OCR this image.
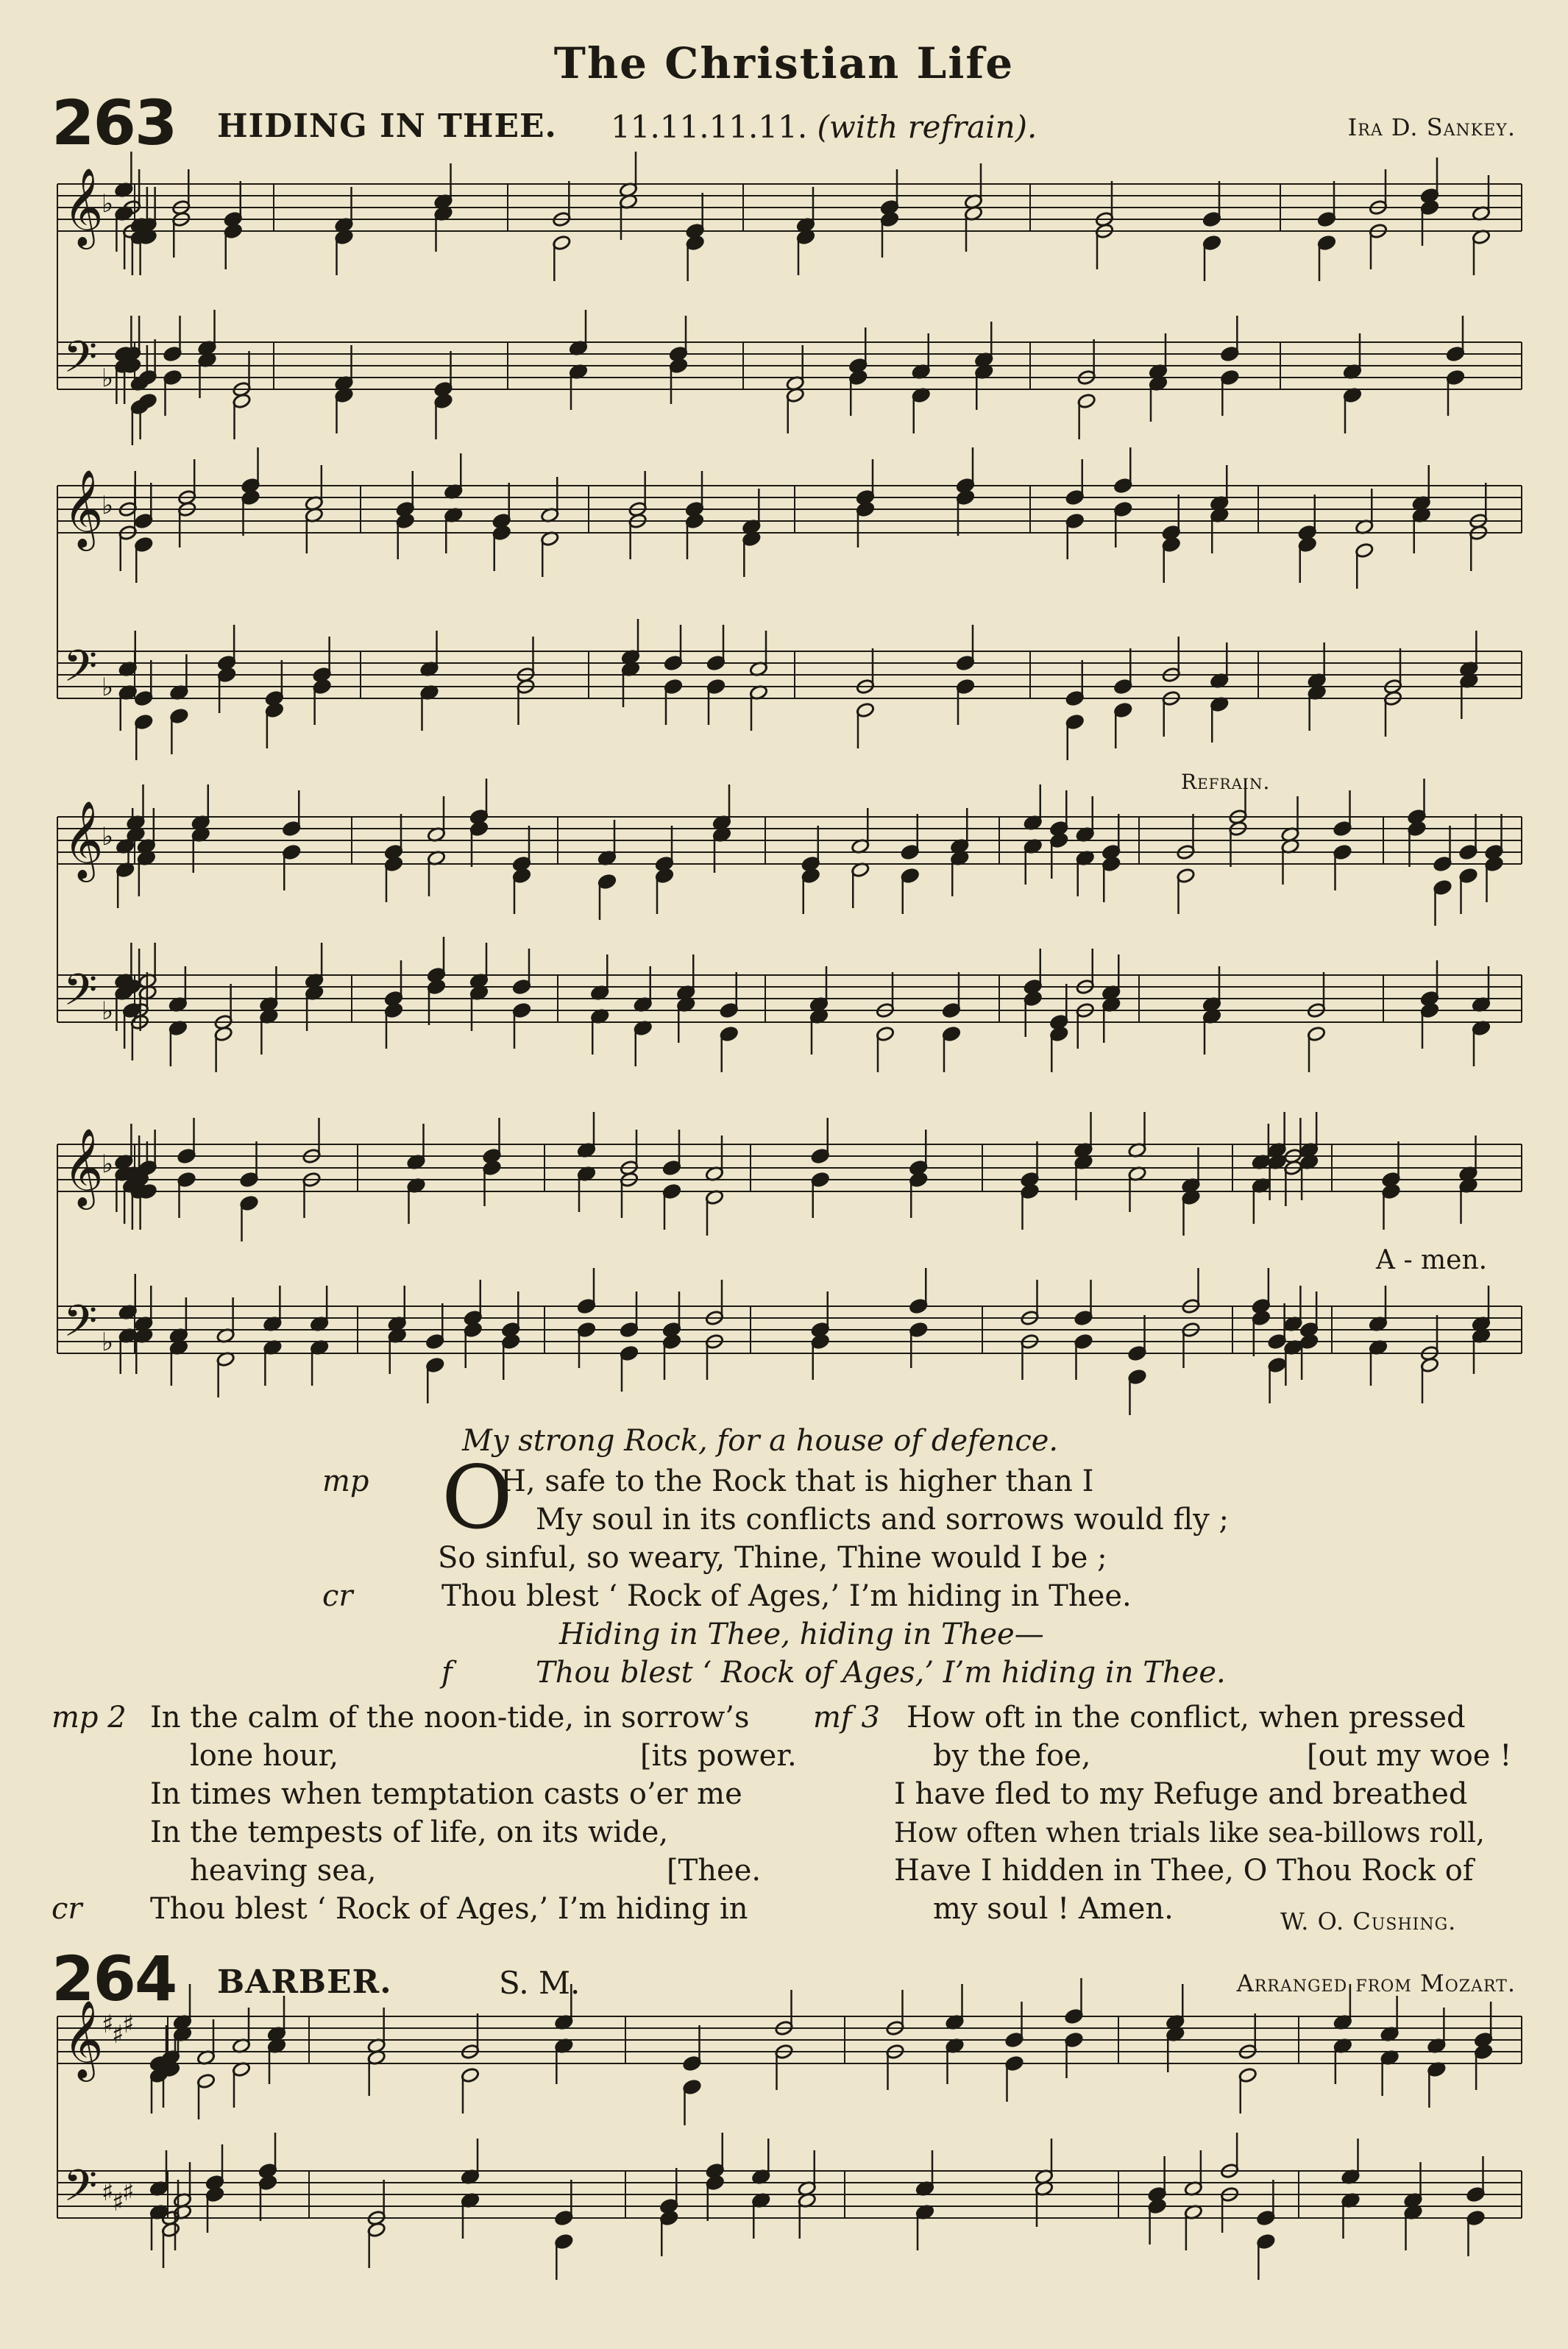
The Christian Life
263 HIDING IN THEE. 11.11.11.11. (with refrain).	Ira D. Sankey.
𝄞
♭
𝄢 ♭
𝄞
♭
𝄢 ♭
𝄞
♭
𝄢 ♭
𝄞
♭
𝄢 ♭
𝄞
♯
♯
♯
𝄢 ♯
♯
♯
Refrain.
A - men.
My strong Rock, for a house of defence.
mp O
H, safe to the Rock that is higher than I
My soul in its conflicts and sorrows would fly ;
So sinful, so weary, Thine, Thine would I be ;
cr	Thou blest ‘ Rock of Ages,’ I’m hiding in Thee.
Hiding in Thee, hiding in Thee—
f	Thou blest ‘ Rock of Ages,’ I’m hiding in Thee.
mp 2 In the calm of the noon-tide, in sorrow’s
lone hour,	[its power.
In times when temptation casts o’er me
In the tempests of life, on its wide,
heaving sea,	[Thee.
cr Thou blest ‘ Rock of Ages,’ I’m hiding in
mf 3 How oft in the conflict, when pressed
by the foe,	[out my woe !
I have fled to my Refuge and breathed
How often when trials like sea-billows roll,
Have I hidden in Thee, O Thou Rock of
my soul ! Amen.	W. O. Cushing.
264 BARBER.	S. M.	Arranged from Mozart.
